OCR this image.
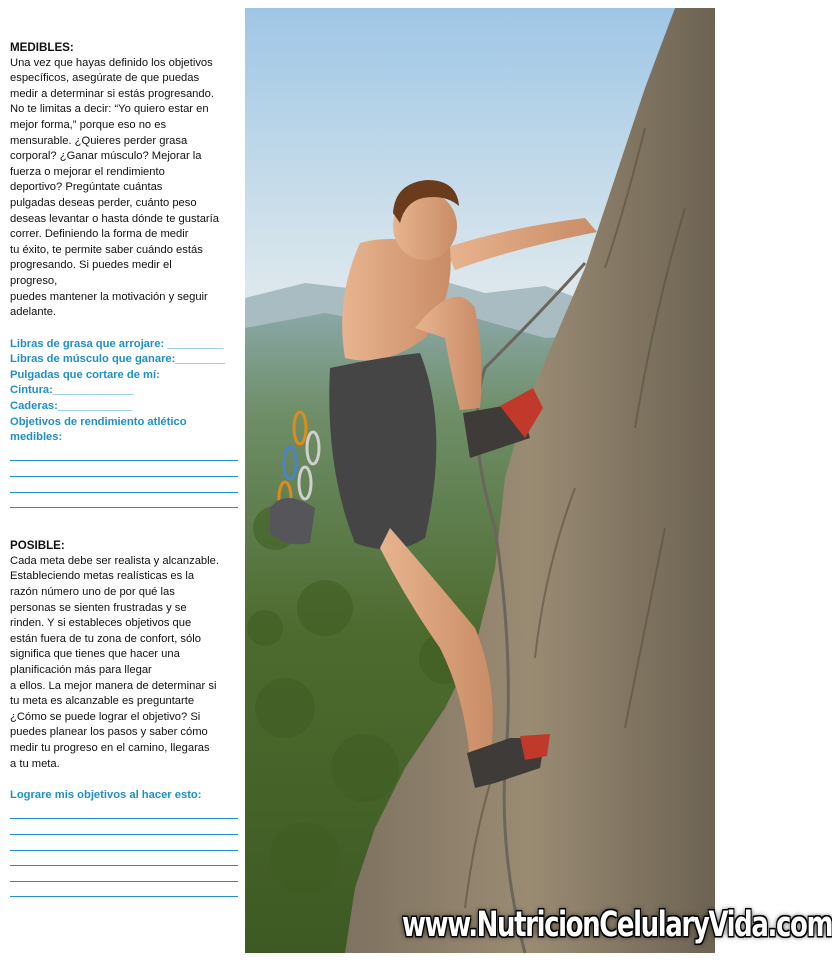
MEDIBLES:

Una vez que hayas definido los objetivos
específicos, asegúrate de que puedas
medir a determinar si estás progresando.
No te limitas a decir: “Yo quiero estar en
mejor forma,” porque eso no es
mensurable. ¿Quieres perder grasa
corporal? ¿Ganar músculo? Mejorar la
fuerza o mejorar el rendimiento
deportivo? Pregúntate cuántas
pulgadas deseas perder, cuánto peso
deseas levantar o hasta dónde te gustaría
correr. Definiendo la forma de medir
tu éxito, te permite saber cuándo estás
progresando. Si puedes medir el
progreso,
puedes mantener la motivación y seguir
adelante.

Libras de grasa que arrojare: _________
Libras de músculo que ganare:________
Pulgadas que cortare de mí:
Cintura:_____________
Caderas:____________
Objetivos de rendimiento atlético
medibles:

POSIBLE:

Cada meta debe ser realista y alcanzable.
Estableciendo metas realísticas es la
razón número uno de por qué las
personas se sienten frustradas y se
rinden. Y si estableces objetivos que
están fuera de tu zona de confort, sólo
significa que tienes que hacer una
planificación más para llegar
a ellos. La mejor manera de determinar si
tu meta es alcanzable es preguntarte
¿Cómo se puede lograr el objetivo? Si
puedes planear los pasos y saber cómo
medir tu progreso en el camino, llegaras
a tu meta.

Lograre mis objetivos al hacer esto:

www.NutricionCelularyVida.com
